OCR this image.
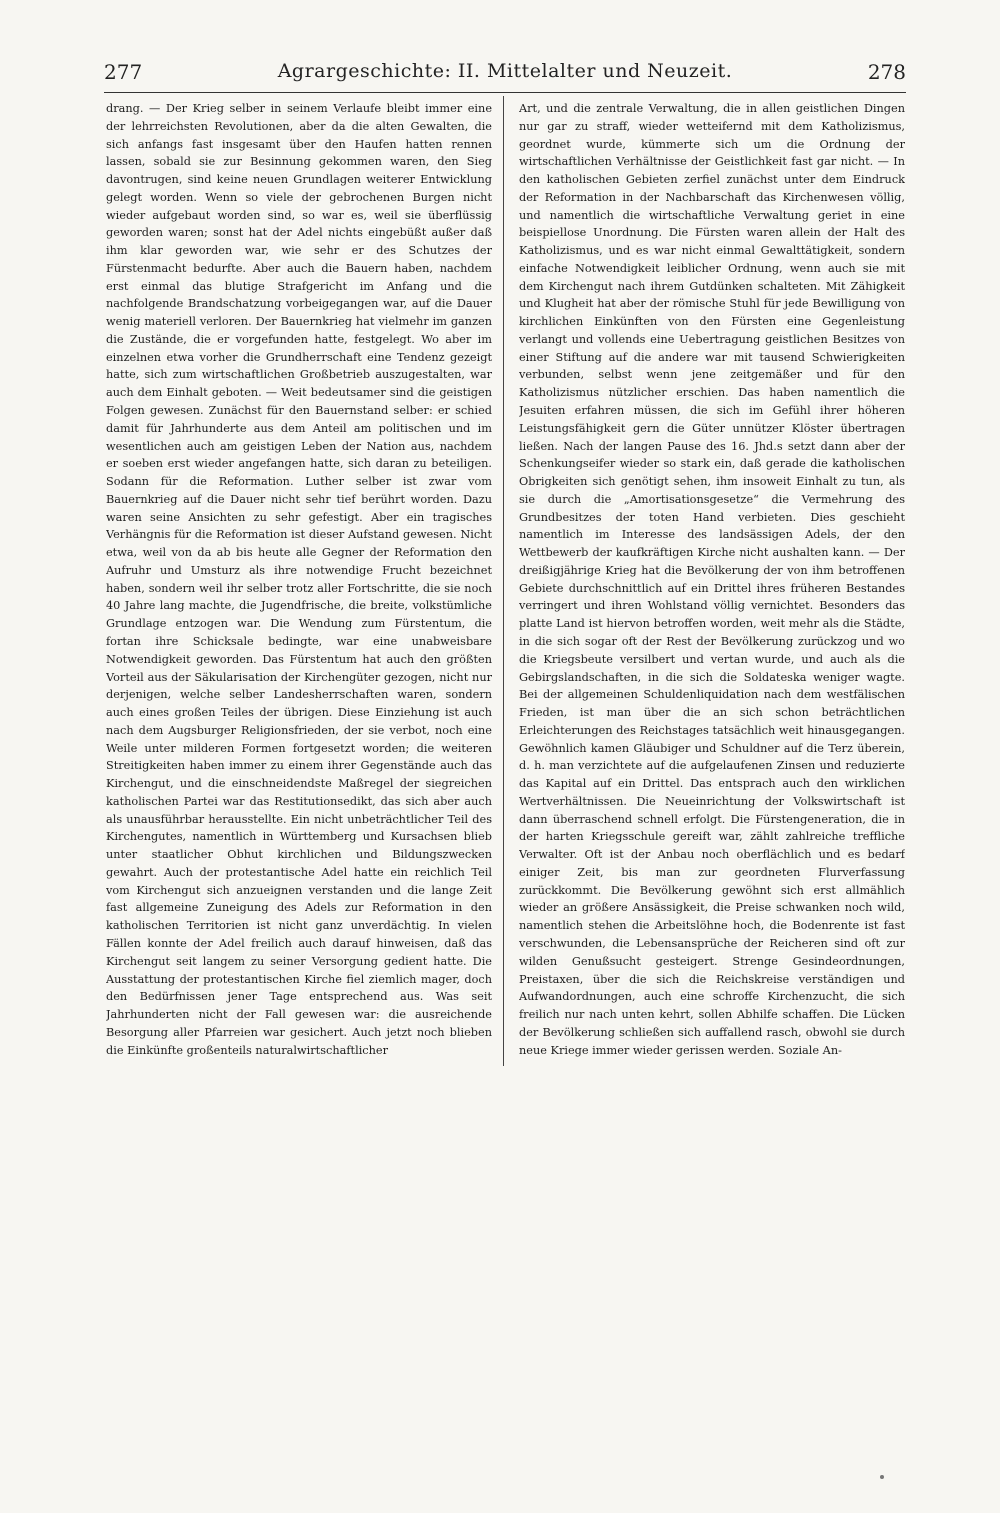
277	Agrargeschichte: II. Mittelalter und Neuzeit.	278

drang. — Der Krieg selber in seinem Verlaufe bleibt immer eine der lehrreichsten Revolutionen, aber da die alten Gewalten, die sich anfangs fast insgesamt über den Haufen hatten rennen lassen, sobald sie zur Besinnung gekommen waren, den Sieg davontrugen, sind keine neuen Grundlagen weiterer Entwicklung gelegt worden. Wenn so viele der gebrochenen Burgen nicht wieder aufgebaut worden sind, so war es, weil sie überflüssig geworden waren; sonst hat der Adel nichts eingebüßt außer daß ihm klar geworden war, wie sehr er des Schutzes der Fürstenmacht bedurfte. Aber auch die Bauern haben, nachdem erst einmal das blutige Strafgericht im Anfang und die nachfolgende Brandschatzung vorbeigegangen war, auf die Dauer wenig materiell verloren. Der Bauernkrieg hat vielmehr im ganzen die Zustände, die er vorgefunden hatte, festgelegt. Wo aber im einzelnen etwa vorher die Grundherrschaft eine Tendenz gezeigt hatte, sich zum wirtschaftlichen Großbetrieb auszugestalten, war auch dem Einhalt geboten. — Weit bedeutsamer sind die geistigen Folgen gewesen. Zunächst für den Bauernstand selber: er schied damit für Jahrhunderte aus dem Anteil am politischen und im wesentlichen auch am geistigen Leben der Nation aus, nachdem er soeben erst wieder angefangen hatte, sich daran zu beteiligen. Sodann für die Reformation. Luther selber ist zwar vom Bauernkrieg auf die Dauer nicht sehr tief berührt worden. Dazu waren seine Ansichten zu sehr gefestigt. Aber ein tragisches Verhängnis für die Reformation ist dieser Aufstand gewesen. Nicht etwa, weil von da ab bis heute alle Gegner der Reformation den Aufruhr und Umsturz als ihre notwendige Frucht bezeichnet haben, sondern weil ihr selber trotz aller Fortschritte, die sie noch 40 Jahre lang machte, die Jugendfrische, die breite, volkstümliche Grundlage entzogen war. Die Wendung zum Fürstentum, die fortan ihre Schicksale bedingte, war eine unabweisbare Notwendigkeit geworden. Das Fürstentum hat auch den größten Vorteil aus der Säkularisation der Kirchengüter gezogen, nicht nur derjenigen, welche selber Landesherrschaften waren, sondern auch eines großen Teiles der übrigen. Diese Einziehung ist auch nach dem Augsburger Religionsfrieden, der sie verbot, noch eine Weile unter milderen Formen fortgesetzt worden; die weiteren Streitigkeiten haben immer zu einem ihrer Gegenstände auch das Kirchengut, und die einschneidendste Maßregel der siegreichen katholischen Partei war das Restitutionsedikt, das sich aber auch als unausführbar herausstellte. Ein nicht unbeträchtlicher Teil des Kirchengutes, namentlich in Württemberg und Kursachsen blieb unter staatlicher Obhut kirchlichen und Bildungszwecken gewahrt. Auch der protestantische Adel hatte ein reichlich Teil vom Kirchengut sich anzueignen verstanden und die lange Zeit fast allgemeine Zuneigung des Adels zur Reformation in den katholischen Territorien ist nicht ganz unverdächtig. In vielen Fällen konnte der Adel freilich auch darauf hinweisen, daß das Kirchengut seit langem zu seiner Versorgung gedient hatte. Die Ausstattung der protestantischen Kirche fiel ziemlich mager, doch den Bedürfnissen jener Tage entsprechend aus. Was seit Jahrhunderten nicht der Fall gewesen war: die ausreichende Besorgung aller Pfarreien war gesichert. Auch jetzt noch blieben die Einkünfte großenteils naturalwirtschaftlicher

Art, und die zentrale Verwaltung, die in allen geistlichen Dingen nur gar zu straff, wieder wetteifernd mit dem Katholizismus, geordnet wurde, kümmerte sich um die Ordnung der wirtschaftlichen Verhältnisse der Geistlichkeit fast gar nicht. — In den katholischen Gebieten zerfiel zunächst unter dem Eindruck der Reformation in der Nachbarschaft das Kirchenwesen völlig, und namentlich die wirtschaftliche Verwaltung geriet in eine beispiellose Unordnung. Die Fürsten waren allein der Halt des Katholizismus, und es war nicht einmal Gewalttätigkeit, sondern einfache Notwendigkeit leiblicher Ordnung, wenn auch sie mit dem Kirchengut nach ihrem Gutdünken schalteten. Mit Zähigkeit und Klugheit hat aber der römische Stuhl für jede Bewilligung von kirchlichen Einkünften von den Fürsten eine Gegenleistung verlangt und vollends eine Uebertragung geistlichen Besitzes von einer Stiftung auf die andere war mit tausend Schwierigkeiten verbunden, selbst wenn jene zeitgemäßer und für den Katholizismus nützlicher erschien. Das haben namentlich die Jesuiten erfahren müssen, die sich im Gefühl ihrer höheren Leistungsfähigkeit gern die Güter unnützer Klöster übertragen ließen. Nach der langen Pause des 16. Jhd.s setzt dann aber der Schenkungseifer wieder so stark ein, daß gerade die katholischen Obrigkeiten sich genötigt sehen, ihm insoweit Einhalt zu tun, als sie durch die „Amortisationsgesetze“ die Vermehrung des Grundbesitzes der toten Hand verbieten. Dies geschieht namentlich im Interesse des landsässigen Adels, der den Wettbewerb der kaufkräftigen Kirche nicht aushalten kann. — Der dreißigjährige Krieg hat die Bevölkerung der von ihm betroffenen Gebiete durchschnittlich auf ein Drittel ihres früheren Bestandes verringert und ihren Wohlstand völlig vernichtet. Besonders das platte Land ist hiervon betroffen worden, weit mehr als die Städte, in die sich sogar oft der Rest der Bevölkerung zurückzog und wo die Kriegsbeute versilbert und vertan wurde, und auch als die Gebirgslandschaften, in die sich die Soldateska weniger wagte. Bei der allgemeinen Schuldenliquidation nach dem westfälischen Frieden, ist man über die an sich schon beträchtlichen Erleichterungen des Reichstages tatsächlich weit hinausgegangen. Gewöhnlich kamen Gläubiger und Schuldner auf die Terz überein, d. h. man verzichtete auf die aufgelaufenen Zinsen und reduzierte das Kapital auf ein Drittel. Das entsprach auch den wirklichen Wertverhältnissen. Die Neueinrichtung der Volkswirtschaft ist dann überraschend schnell erfolgt. Die Fürstengeneration, die in der harten Kriegsschule gereift war, zählt zahlreiche treffliche Verwalter. Oft ist der Anbau noch oberflächlich und es bedarf einiger Zeit, bis man zur geordneten Flurverfassung zurückkommt. Die Bevölkerung gewöhnt sich erst allmählich wieder an größere Ansässigkeit, die Preise schwanken noch wild, namentlich stehen die Arbeitslöhne hoch, die Bodenrente ist fast verschwunden, die Lebensansprüche der Reicheren sind oft zur wilden Genußsucht gesteigert. Strenge Gesindeordnungen, Preistaxen, über die sich die Reichskreise verständigen und Aufwandordnungen, auch eine schroffe Kirchenzucht, die sich freilich nur nach unten kehrt, sollen Abhilfe schaffen. Die Lücken der Bevölkerung schließen sich auffallend rasch, obwohl sie durch neue Kriege immer wieder gerissen werden. Soziale An-
